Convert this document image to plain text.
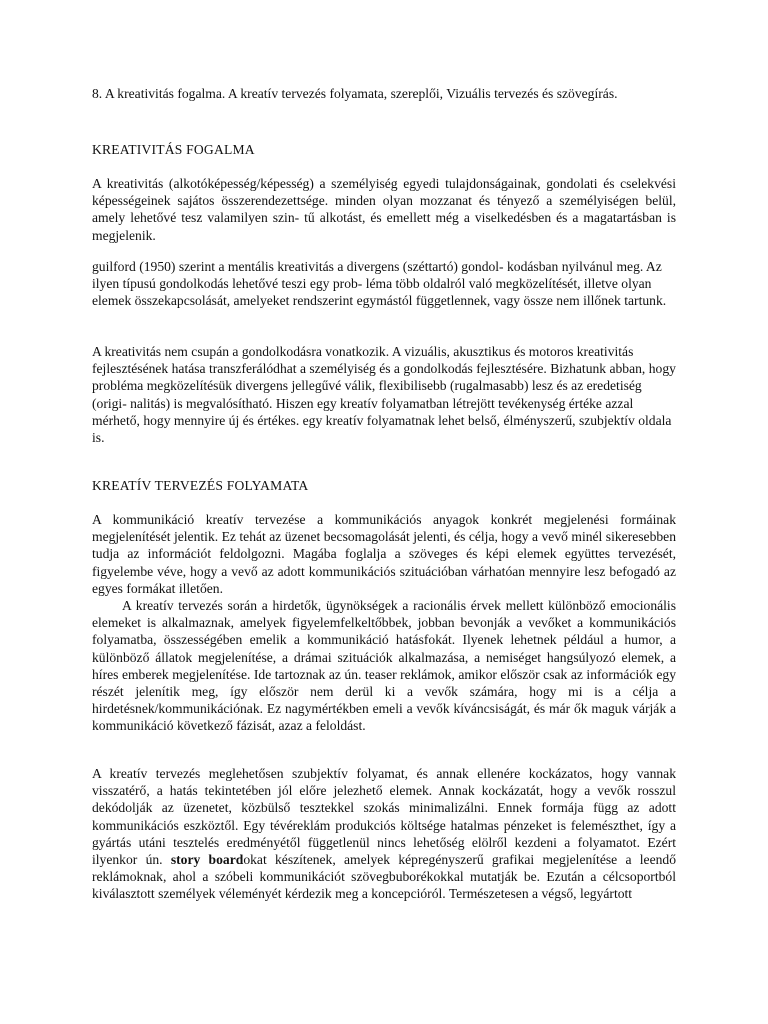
8. A kreativitás fogalma. A kreatív tervezés folyamata, szereplői, Vizuális tervezés és szövegírás.

KREATIVITÁS FOGALMA

A kreativitás (alkotóképesség/képesség) a személyiség egyedi tulajdonságainak, gondolati és cselekvési képességeinek sajátos összerendezettsége. minden olyan mozzanat és tényező a személyiségen belül, amely lehetővé tesz valamilyen szin- tű alkotást, és emellett még a viselkedésben és a magatartásban is megjelenik.

guilford (1950) szerint a mentális kreativitás a divergens (széttartó) gondol- kodásban nyilvánul meg. Az ilyen típusú gondolkodás lehetővé teszi egy prob- léma több oldalról való megközelítését, illetve olyan elemek összekapcsolását, amelyeket rendszerint egymástól függetlennek, vagy össze nem illőnek tartunk.

A kreativitás nem csupán a gondolkodásra vonatkozik. A vizuális, akusztikus és motoros kreativitás fejlesztésének hatása transzferálódhat a személyiség és a gondolkodás fejlesztésére. Bizhatunk abban, hogy probléma megközelítésük divergens jellegűvé válik, flexibilisebb (rugalmasabb) lesz és az eredetiség (origi- nalitás) is megvalósítható. Hiszen egy kreatív folyamatban létrejött tevékenység értéke azzal mérhető, hogy mennyire új és értékes. egy kreatív folyamatnak lehet belső, élményszerű, szubjektív oldala is.

KREATÍV TERVEZÉS FOLYAMATA

A kommunikáció kreatív tervezése a kommunikációs anyagok konkrét megjelenési formáinak megjelenítését jelentik. Ez tehát az üzenet becsomagolását jelenti, és célja, hogy a vevő minél sikeresebben tudja az információt feldolgozni. Magába foglalja a szöveges és képi elemek együttes tervezését, figyelembe véve, hogy a vevő az adott kommunikációs szituációban várhatóan mennyire lesz befogadó az egyes formákat illetően.

A kreatív tervezés során a hirdetők, ügynökségek a racionális érvek mellett különböző emocionális elemeket is alkalmaznak, amelyek figyelemfelkeltőbbek, jobban bevonják a vevőket a kommunikációs folyamatba, összességében emelik a kommunikáció hatásfokát. Ilyenek lehetnek például a humor, a különböző állatok megjelenítése, a drámai szituációk alkalmazása, a nemiséget hangsúlyozó elemek, a híres emberek megjelenítése. Ide tartoznak az ún. teaser reklámok, amikor először csak az információk egy részét jelenítik meg, így először nem derül ki a vevők számára, hogy mi is a célja a hirdetésnek/kommunikációnak. Ez nagymértékben emeli a vevők kíváncsiságát, és már ők maguk várják a kommunikáció következő fázisát, azaz a feloldást.

A kreatív tervezés meglehetősen szubjektív folyamat, és annak ellenére kockázatos, hogy vannak visszatérő, a hatás tekintetében jól előre jelezhető elemek. Annak kockázatát, hogy a vevők rosszul dekódolják az üzenetet, közbülső tesztekkel szokás minimalizálni. Ennek formája függ az adott kommunikációs eszköztől. Egy tévéreklám produkciós költsége hatalmas pénzeket is felemészthet, így a gyártás utáni tesztelés eredményétől függetlenül nincs lehetőség elölről kezdeni a folyamatot. Ezért ilyenkor ún. story boardokat készítenek, amelyek képregényszerű grafikai megjelenítése a leendő reklámoknak, ahol a szóbeli kommunikációt szövegbuborékokkal mutatják be. Ezután a célcsoportból kiválasztott személyek véleményét kérdezik meg a koncepcióról. Természetesen a végső, legyártott
